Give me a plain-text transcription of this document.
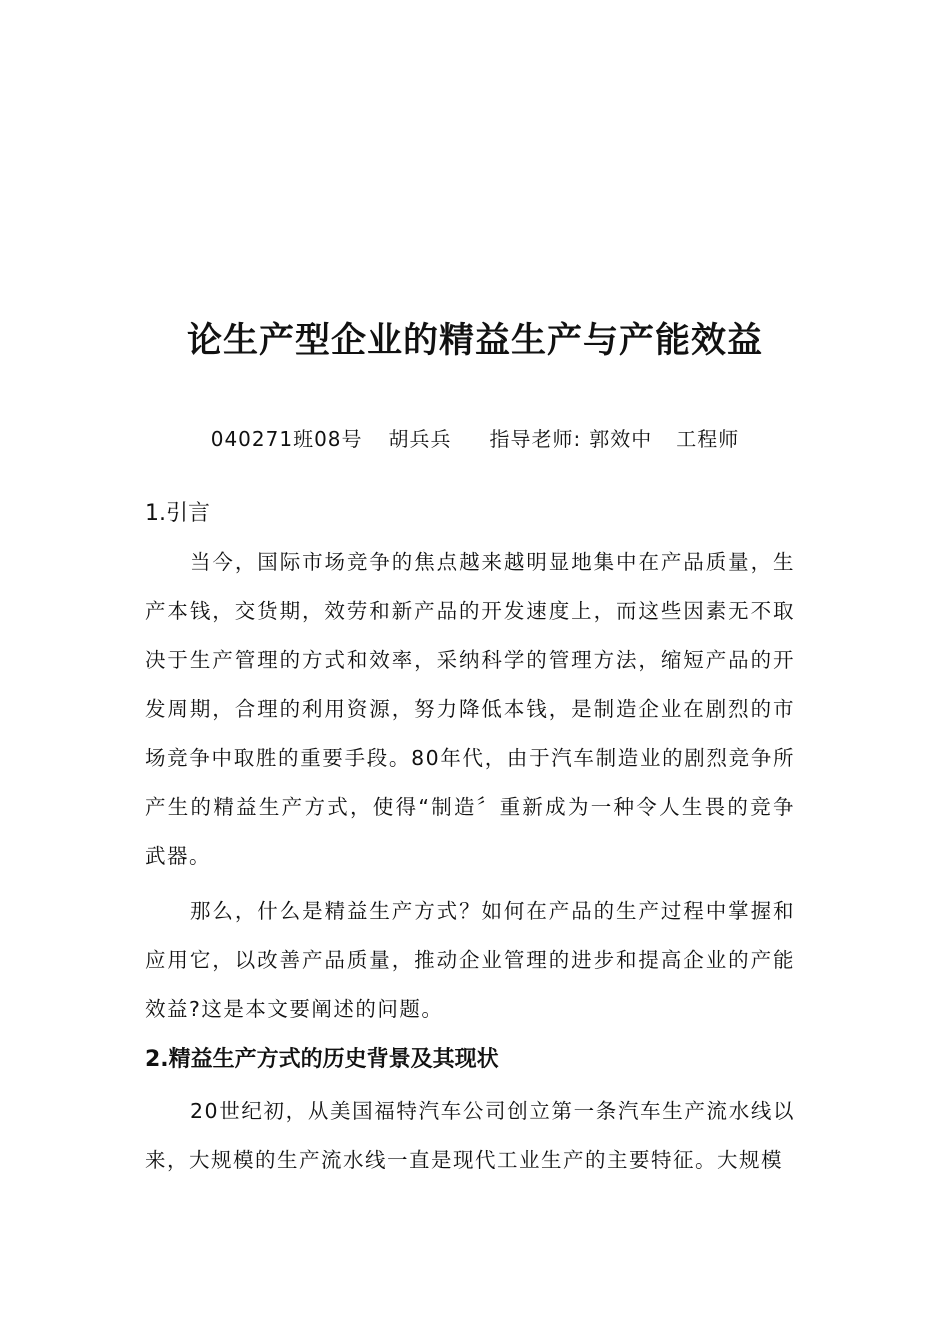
论生产型企业的精益生产与产能效益
040271班08号 胡兵兵 指导老师: 郭效中 工程师
1.引言

当今，国际市场竞争的焦点越来越明显地集中在产品质量，生产本钱，交货期，效劳和新产品的开发速度上，而这些因素无不取决于生产管理的方式和效率，采纳科学的管理方法，缩短产品的开发周期，合理的利用资源，努力降低本钱，是制造企业在剧烈的市场竞争中取胜的重要手段。80年代，由于汽车制造业的剧烈竞争所产生的精益生产方式，使得“制造〞重新成为一种令人生畏的竞争武器。

那么，什么是精益生产方式？如何在产品的生产过程中掌握和应用它，以改善产品质量，推动企业管理的进步和提高企业的产能效益?这是本文要阐述的问题。

2.精益生产方式的历史背景及其现状

20世纪初，从美国福特汽车公司创立第一条汽车生产流水线以来，大规模的生产流水线一直是现代工业生产的主要特征。大规模
